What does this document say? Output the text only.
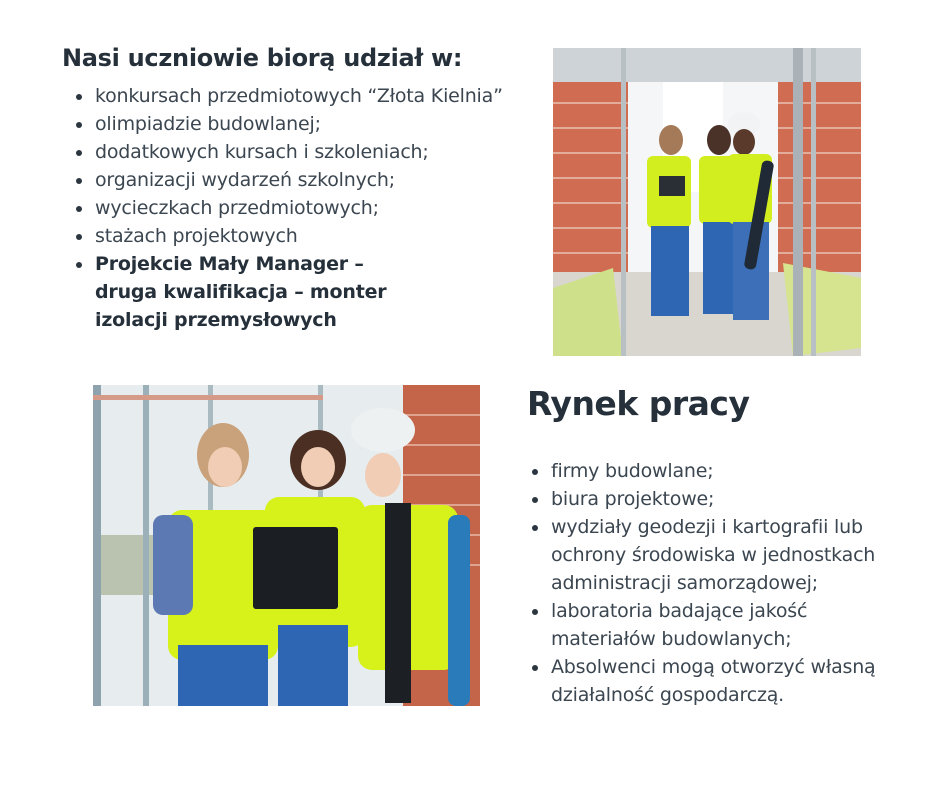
Nasi uczniowie biorą udział w:
konkursach przedmiotowych “Złota Kielnia”
olimpiadzie budowlanej;
dodatkowych kursach i szkoleniach;
organizacji wydarzeń szkolnych;
wycieczkach przedmiotowych;
stażach projektowych
Projekcie Mały Manager – druga kwalifikacja – monter izolacji przemysłowych
Rynek pracy
firmy budowlane;
biura projektowe;
wydziały geodezji i kartografii lub ochrony środowiska w jednostkach administracji samorządowej;
laboratoria badające jakość materiałów budowlanych;
Absolwenci mogą otworzyć własną działalność gospodarczą.
